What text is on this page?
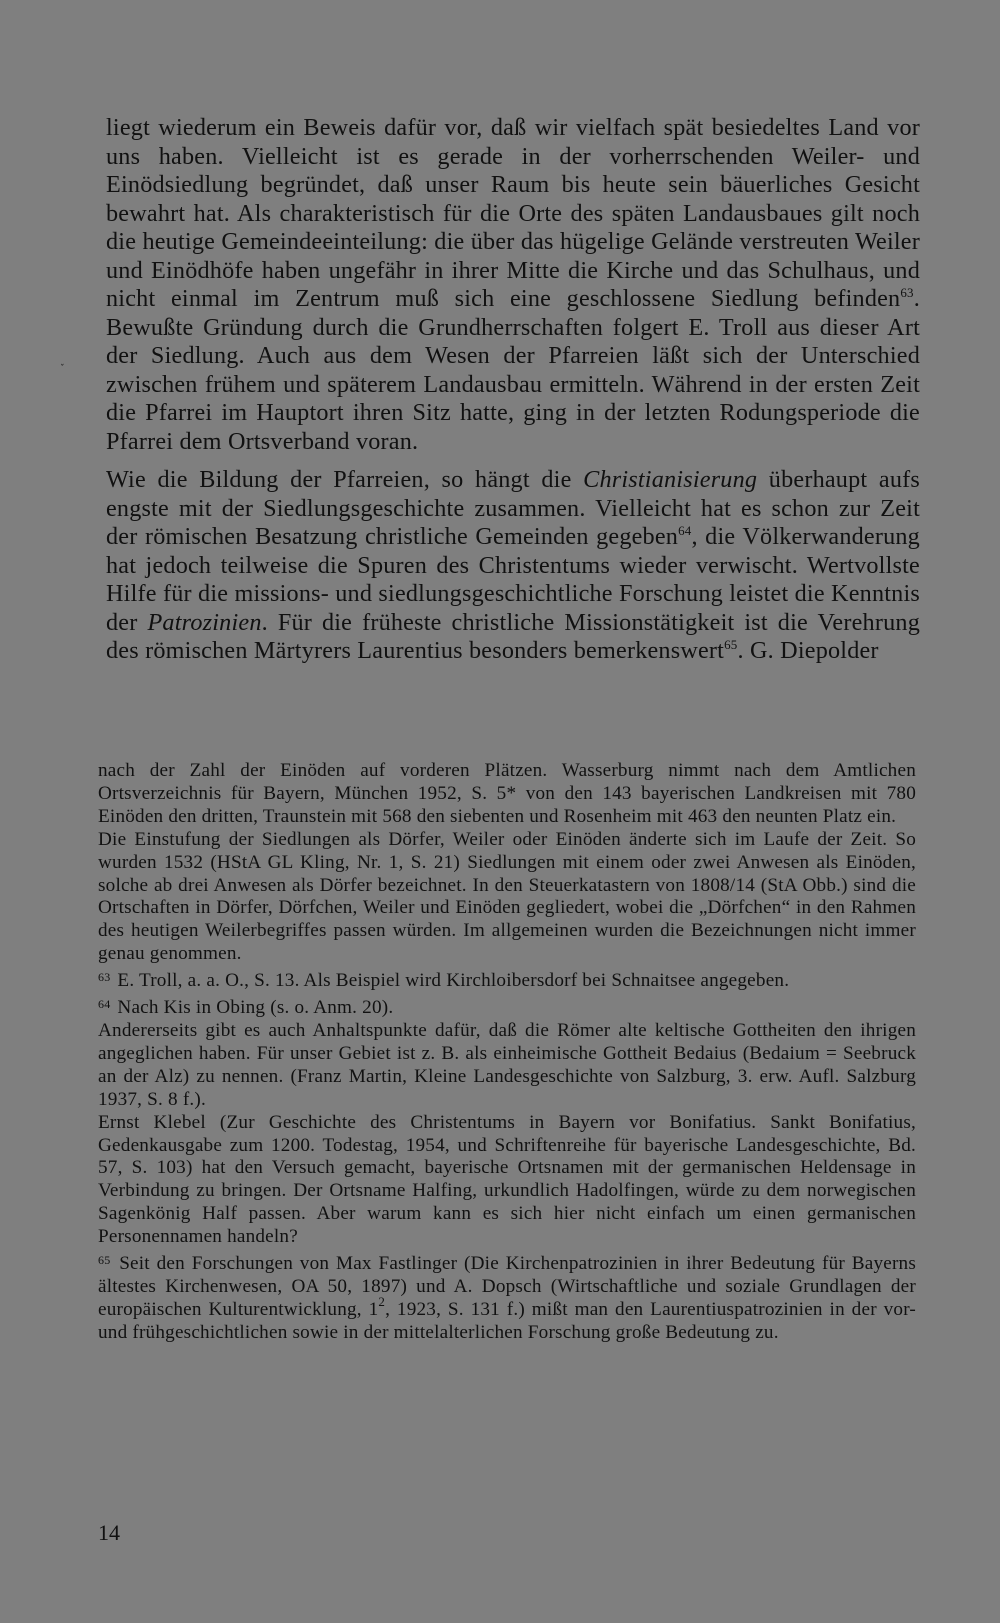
˯

liegt wiederum ein Beweis dafür vor, daß wir vielfach spät besiedeltes Land vor uns haben. Vielleicht ist es gerade in der vorherrschenden Weiler- und Einödsiedlung begründet, daß unser Raum bis heute sein bäuerliches Gesicht bewahrt hat. Als charakteristisch für die Orte des späten Landausbaues gilt noch die heutige Gemeindeeinteilung: die über das hügelige Gelände verstreuten Weiler und Einödhöfe haben ungefähr in ihrer Mitte die Kirche und das Schulhaus, und nicht einmal im Zentrum muß sich eine geschlossene Siedlung befinden$^{63}$. Bewußte Gründung durch die Grundherrschaften folgert E. Troll aus dieser Art der Siedlung. Auch aus dem Wesen der Pfarreien läßt sich der Unterschied zwischen frühem und späterem Landausbau ermitteln. Während in der ersten Zeit die Pfarrei im Hauptort ihren Sitz hatte, ging in der letzten Rodungsperiode die Pfarrei dem Ortsverband voran.

Wie die Bildung der Pfarreien, so hängt die Christianisierung überhaupt aufs engste mit der Siedlungsgeschichte zusammen. Vielleicht hat es schon zur Zeit der römischen Besatzung christliche Gemeinden gegeben$^{64}$, die Völkerwanderung hat jedoch teilweise die Spuren des Christentums wieder verwischt. Wertvollste Hilfe für die missions- und siedlungsgeschichtliche Forschung leistet die Kenntnis der Patrozinien. Für die früheste christliche Missionstätigkeit ist die Verehrung des römischen Märtyrers Laurentius besonders bemerkenswert$^{65}$. G. Diepolder

nach der Zahl der Einöden auf vorderen Plätzen. Wasserburg nimmt nach dem Amtlichen Ortsverzeichnis für Bayern, München 1952, S. 5* von den 143 bayerischen Landkreisen mit 780 Einöden den dritten, Traunstein mit 568 den siebenten und Rosenheim mit 463 den neunten Platz ein.

Die Einstufung der Siedlungen als Dörfer, Weiler oder Einöden änderte sich im Laufe der Zeit. So wurden 1532 (HStA GL Kling, Nr. 1, S. 21) Siedlungen mit einem oder zwei Anwesen als Einöden, solche ab drei Anwesen als Dörfer bezeichnet. In den Steuerkatastern von 1808/14 (StA Obb.) sind die Ortschaften in Dörfer, Dörfchen, Weiler und Einöden gegliedert, wobei die „Dörfchen“ in den Rahmen des heutigen Weilerbegriffes passen würden. Im allgemeinen wurden die Bezeichnungen nicht immer genau genommen.

$^{63}$ E. Troll, a. a. O., S. 13. Als Beispiel wird Kirchloibersdorf bei Schnaitsee angegeben.

$^{64}$ Nach Kis in Obing (s. o. Anm. 20).

Andererseits gibt es auch Anhaltspunkte dafür, daß die Römer alte keltische Gottheiten den ihrigen angeglichen haben. Für unser Gebiet ist z. B. als einheimische Gottheit Bedaius (Bedaium = Seebruck an der Alz) zu nennen. (Franz Martin, Kleine Landesgeschichte von Salzburg, 3. erw. Aufl. Salzburg 1937, S. 8 f.).

Ernst Klebel (Zur Geschichte des Christentums in Bayern vor Bonifatius. Sankt Bonifatius, Gedenkausgabe zum 1200. Todestag, 1954, und Schriftenreihe für bayerische Landesgeschichte, Bd. 57, S. 103) hat den Versuch gemacht, bayerische Ortsnamen mit der germanischen Heldensage in Verbindung zu bringen. Der Ortsname Halfing, urkundlich Hadolfingen, würde zu dem norwegischen Sagenkönig Half passen. Aber warum kann es sich hier nicht einfach um einen germanischen Personennamen handeln?

$^{65}$ Seit den Forschungen von Max Fastlinger (Die Kirchenpatrozinien in ihrer Bedeutung für Bayerns ältestes Kirchenwesen, OA 50, 1897) und A. Dopsch (Wirtschaftliche und soziale Grundlagen der europäischen Kulturentwicklung, $1^2$, 1923, S. 131 f.) mißt man den Laurentiuspatrozinien in der vor- und frühgeschichtlichen sowie in der mittelalterlichen Forschung große Bedeutung zu.

14
